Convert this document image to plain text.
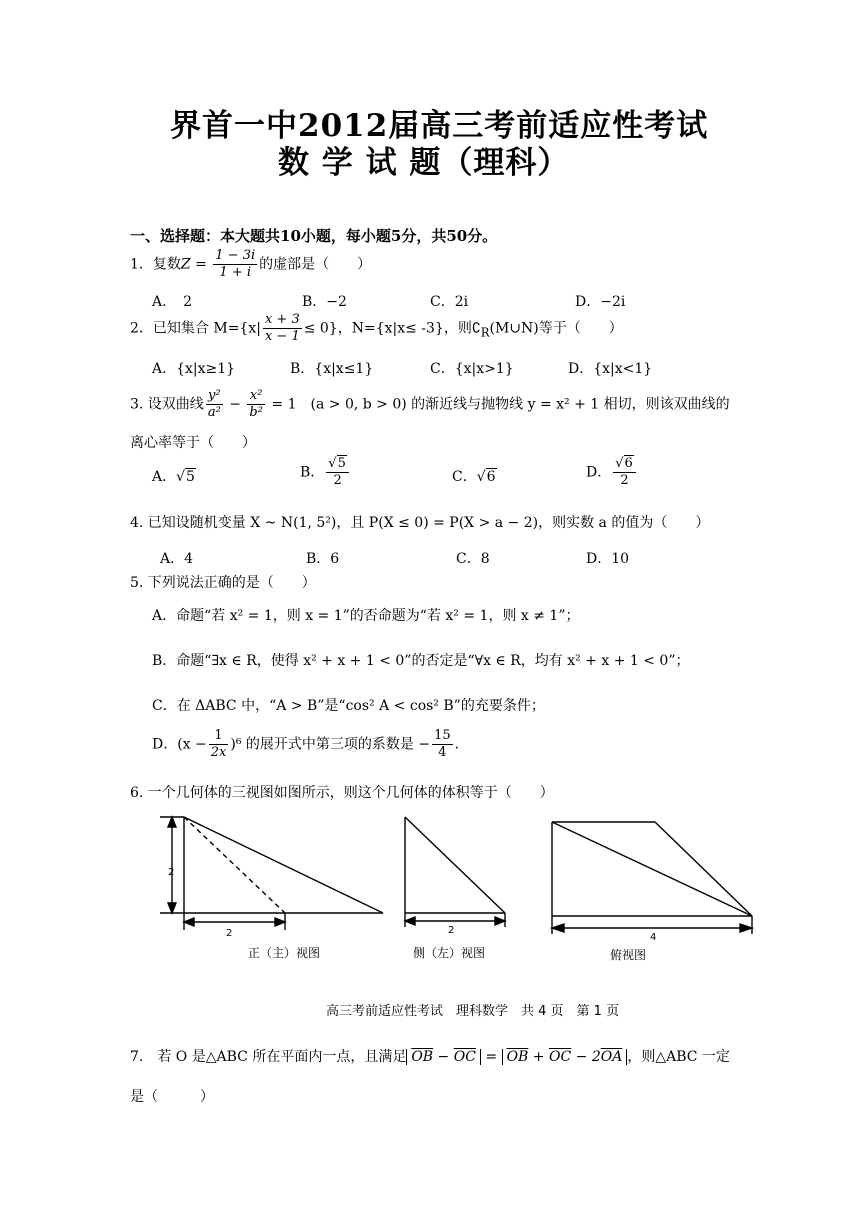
界首一中2012届高三考前适应性考试
数 学 试 题（理科）
一、选择题：本大题共10小题，每小题5分，共50分。
1．复数$Z = \frac{1 - 3i}{1 + i}$ 的虚部是（　　）
A．　2	B．−2	C．2i	D．−2i
2．已知集合 $M=\{x| \frac{x + 3}{x - 1} \le 0\}$，N={x|x≤ -3}，则$∁_R(M\cup N)$等于（　　）
A．{x|x≥1}	B．{x|x≤1}	C．{x|x>1}	D．{x|x<1}
3. 设双曲线 $\frac{\text{y²}}{\text{a²}} - \frac{\text{x²}}{\text{b²}} = 1$　(a > 0, b > 0) 的渐近线与抛物线 y = x² + 1 相切，则该双曲线的
离心率等于（　　）
A．√5	B． $\frac{√5}{2}$	C．√6	D． $\frac{√6}{2}$
4. 已知设随机变量 X ~ N(1, 5²)，且 P(X ≤ 0) = P(X > a − 2)，则实数 a 的值为（　　）
A．4	B．6	C．8	D．10
5. 下列说法正确的是（　　）
A．命题“若 x² = 1，则 x = 1”的否命题为“若 x² = 1，则 x ≠ 1”；
B．命题“∃x ∈ R，使得 x² + x + 1 < 0”的否定是“∀x ∈ R，均有 x² + x + 1 < 0”；
C．在 ΔABC 中，“A > B”是“cos² A < cos² B”的充要条件；
D．$(x - \frac{1}{2x} )^6$ 的展开式中第三项的系数是 − $\frac{15}{4}$ .
6. 一个几何体的三视图如图所示，则这个几何体的体积等于（　　）
2
2	2
4
正（主）视图	侧（左）视图	俯视图
高三考前适应性考试　理科数学　共 4 页　第 1 页
7.　若 O 是△ABC 所在平面内一点，且满足 $\overline{OB} - \overline{OC} = \overline{OB} + \overline{OC} - 2\overline{OA}$ ，则△ABC 一定
是（　　　）
